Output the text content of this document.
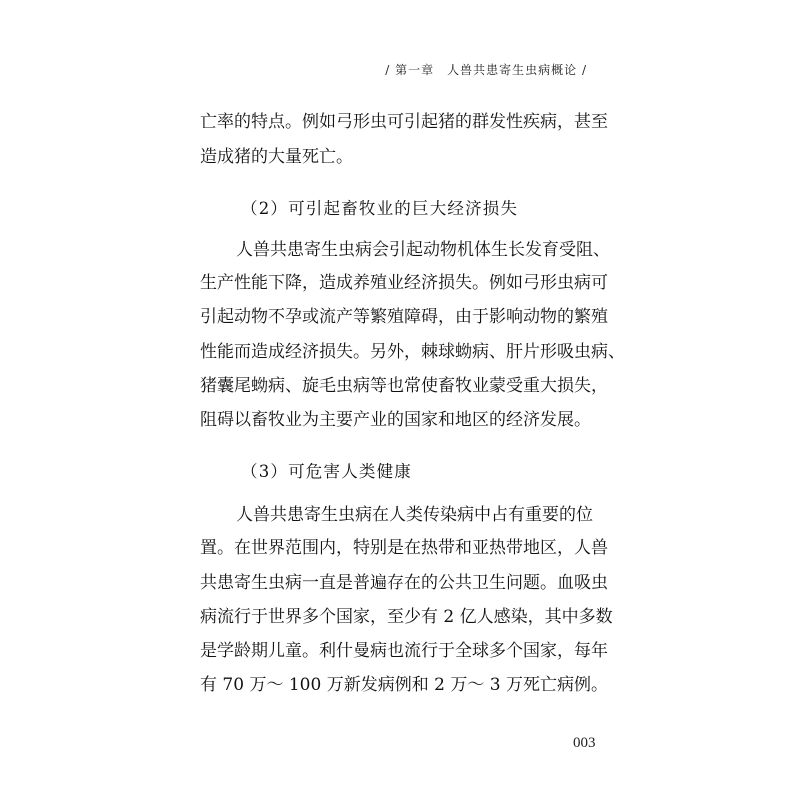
/ 第一章　人兽共患寄生虫病概论 /
亡率的特点。例如弓形虫可引起猪的群发性疾病，甚至
造成猪的大量死亡。
（2）可引起畜牧业的巨大经济损失
人兽共患寄生虫病会引起动物机体生长发育受阻、
生产性能下降，造成养殖业经济损失。例如弓形虫病可
引起动物不孕或流产等繁殖障碍，由于影响动物的繁殖
性能而造成经济损失。另外，棘球蚴病、肝片形吸虫病、
猪囊尾蚴病、旋毛虫病等也常使畜牧业蒙受重大损失，
阻碍以畜牧业为主要产业的国家和地区的经济发展。
（3）可危害人类健康
人兽共患寄生虫病在人类传染病中占有重要的位
置。在世界范围内，特别是在热带和亚热带地区，人兽
共患寄生虫病一直是普遍存在的公共卫生问题。血吸虫
病流行于世界多个国家，至少有 2 亿人感染，其中多数
是学龄期儿童。利什曼病也流行于全球多个国家，每年
有 70 万～ 100 万新发病例和 2 万～ 3 万死亡病例。
003
